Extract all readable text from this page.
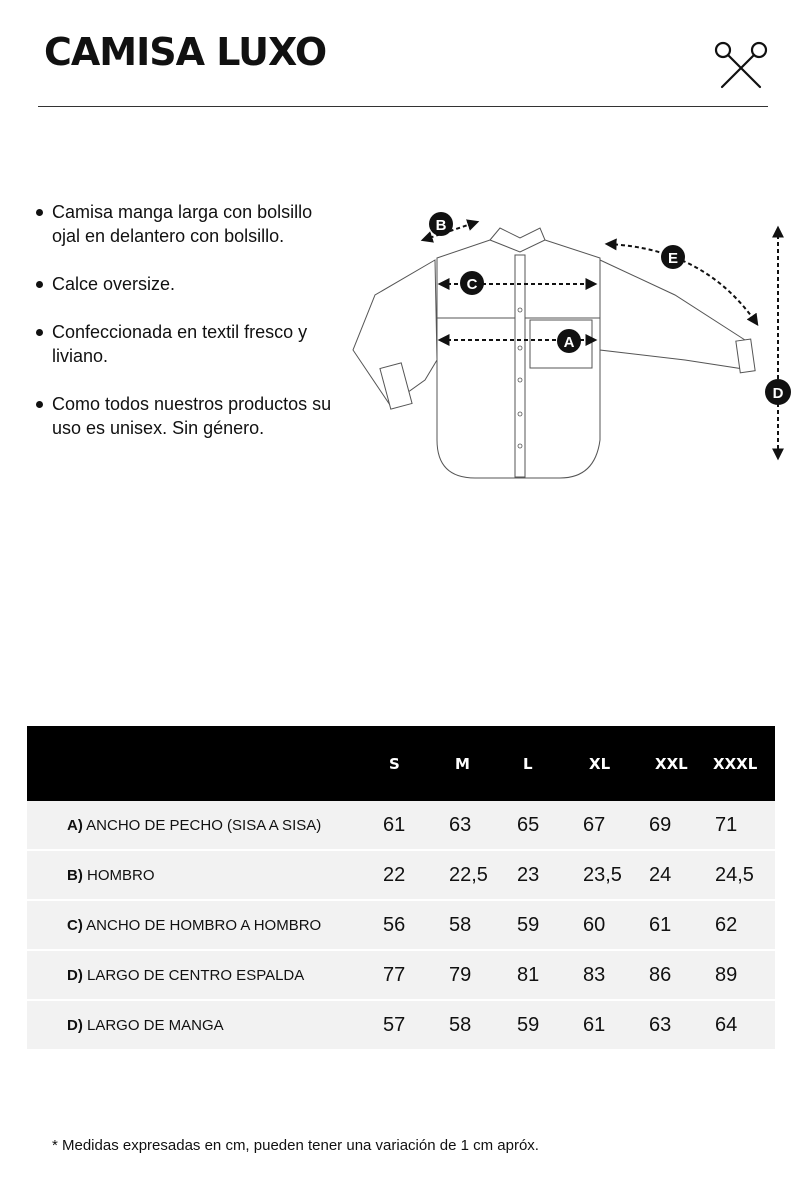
CAMISA LUXO
Camisa manga larga con bolsillo ojal en delantero con bolsillo.
Calce oversize.
Confeccionada en textil fresco y liviano.
Como todos nuestros productos su uso es unisex. Sin género.
A
B
C
D
E
	S	M	L	XL	XXL	XXXL
A) ANCHO DE PECHO (SISA A SISA)	61	63	65	67	69	71
B) HOMBRO	22	22,5	23	23,5	24	24,5
C) ANCHO DE HOMBRO A HOMBRO	56	58	59	60	61	62
D) LARGO DE CENTRO ESPALDA	77	79	81	83	86	89
D) LARGO DE MANGA	57	58	59	61	63	64
* Medidas expresadas en cm, pueden tener una variación de 1 cm apróx.
